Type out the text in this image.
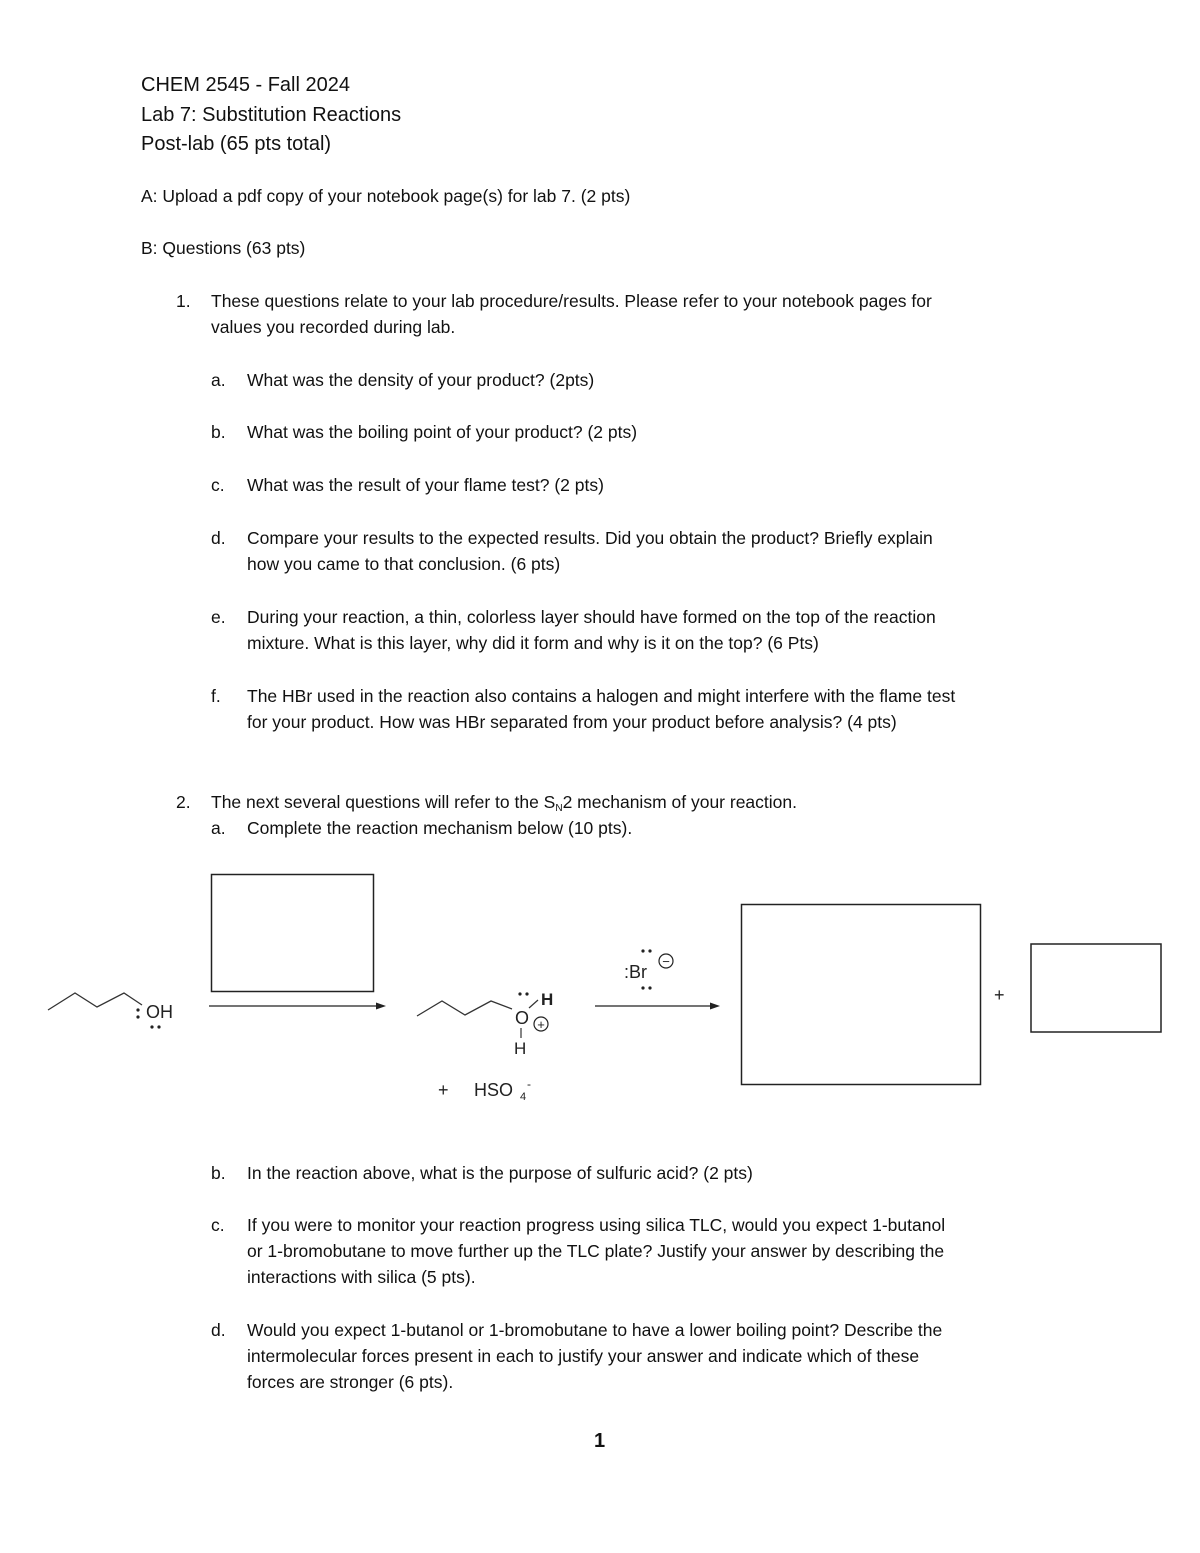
CHEM 2545 - Fall 2024
Lab 7: Substitution Reactions
Post-lab (65 pts total)
A: Upload a pdf copy of your notebook page(s) for lab 7. (2 pts)
B: Questions (63 pts)
1. These questions relate to your lab procedure/results. Please refer to your notebook pages for
values you recorded during lab.
a. What was the density of your product? (2pts)
b. What was the boiling point of your product? (2 pts)
c. What was the result of your flame test? (2 pts)
d. Compare your results to the expected results. Did you obtain the product? Briefly explain
how you came to that conclusion. (6 pts)
e. During your reaction, a thin, colorless layer should have formed on the top of the reaction
mixture. What is this layer, why did it form and why is it on the top? (6 Pts)
f. The HBr used in the reaction also contains a halogen and might interfere with the flame test
for your product. How was HBr separated from your product before analysis? (4 pts)
2. The next several questions will refer to the $S_N2$ mechanism of your reaction.
a. Complete the reaction mechanism below (10 pts).
OH	O
H
+
H
+ HSO 4
-
:Br
−
+
b. In the reaction above, what is the purpose of sulfuric acid? (2 pts)
c. If you were to monitor your reaction progress using silica TLC, would you expect 1-butanol
or 1-bromobutane to move further up the TLC plate? Justify your answer by describing the
interactions with silica (5 pts).
d. Would you expect 1-butanol or 1-bromobutane to have a lower boiling point? Describe the
intermolecular forces present in each to justify your answer and indicate which of these
forces are stronger (6 pts).
1
